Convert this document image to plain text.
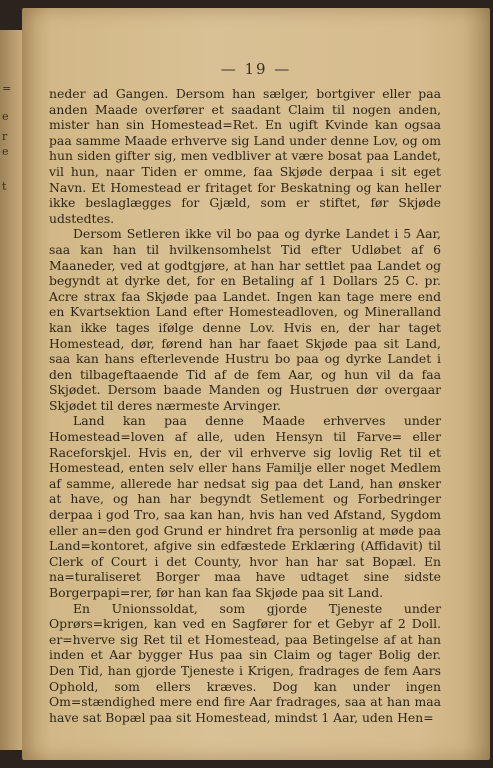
=
e
r
e
t
— 19 —

neder ad Gangen. Dersom han sælger, bortgiver eller paa anden Maade overfører et saadant Claim til nogen anden, mister han sin Homestead=Ret. En ugift Kvinde kan ogsaa paa samme Maade erhverve sig Land under denne Lov, og om hun siden gifter sig, men vedbliver at være bosat paa Landet, vil hun, naar Tiden er omme, faa Skjøde derpaa i sit eget Navn. Et Homestead er fritaget for Beskatning og kan heller ikke beslaglægges for Gjæld, som er stiftet, før Skjøde udstedtes.

Dersom Setleren ikke vil bo paa og dyrke Landet i 5 Aar, saa kan han til hvilkensomhelst Tid efter Udløbet af 6 Maaneder, ved at godtgjøre, at han har settlet paa Landet og begyndt at dyrke det, for en Betaling af 1 Dollars 25 C. pr. Acre strax faa Skjøde paa Landet. Ingen kan tage mere end en Kvartsektion Land efter Homesteadloven, og Mineralland kan ikke tages ifølge denne Lov. Hvis en, der har taget Homestead, dør, førend han har faaet Skjøde paa sit Land, saa kan hans efterlevende Hustru bo paa og dyrke Landet i den tilbageftaaende Tid af de fem Aar, og hun vil da faa Skjødet. Dersom baade Manden og Hustruen dør overgaar Skjødet til deres nærmeste Arvinger.

Land kan paa denne Maade erhverves under Homestead=loven af alle, uden Hensyn til Farve= eller Raceforskjel. Hvis en, der vil erhverve sig lovlig Ret til et Homestead, enten selv eller hans Familje eller noget Medlem af samme, allerede har nedsat sig paa det Land, han ønsker at have, og han har begyndt Setlement og Forbedringer derpaa i god Tro, saa kan han, hvis han ved Afstand, Sygdom eller an=den god Grund er hindret fra personlig at møde paa Land=kontoret, afgive sin edfæstede Erklæring (Affidavit) til Clerk of Court i det County, hvor han har sat Bopæl. En na=turaliseret Borger maa have udtaget sine sidste Borgerpapi=rer, før han kan faa Skjøde paa sit Land.

En Unionssoldat, som gjorde Tjeneste under Oprørs=krigen, kan ved en Sagfører for et Gebyr af 2 Doll. er=hverve sig Ret til et Homestead, paa Betingelse af at han inden et Aar bygger Hus paa sin Claim og tager Bolig der. Den Tid, han gjorde Tjeneste i Krigen, fradrages de fem Aars Ophold, som ellers kræves. Dog kan under ingen Om=stændighed mere end fire Aar fradrages, saa at han maa have sat Bopæl paa sit Homestead, mindst 1 Aar, uden Hen=
